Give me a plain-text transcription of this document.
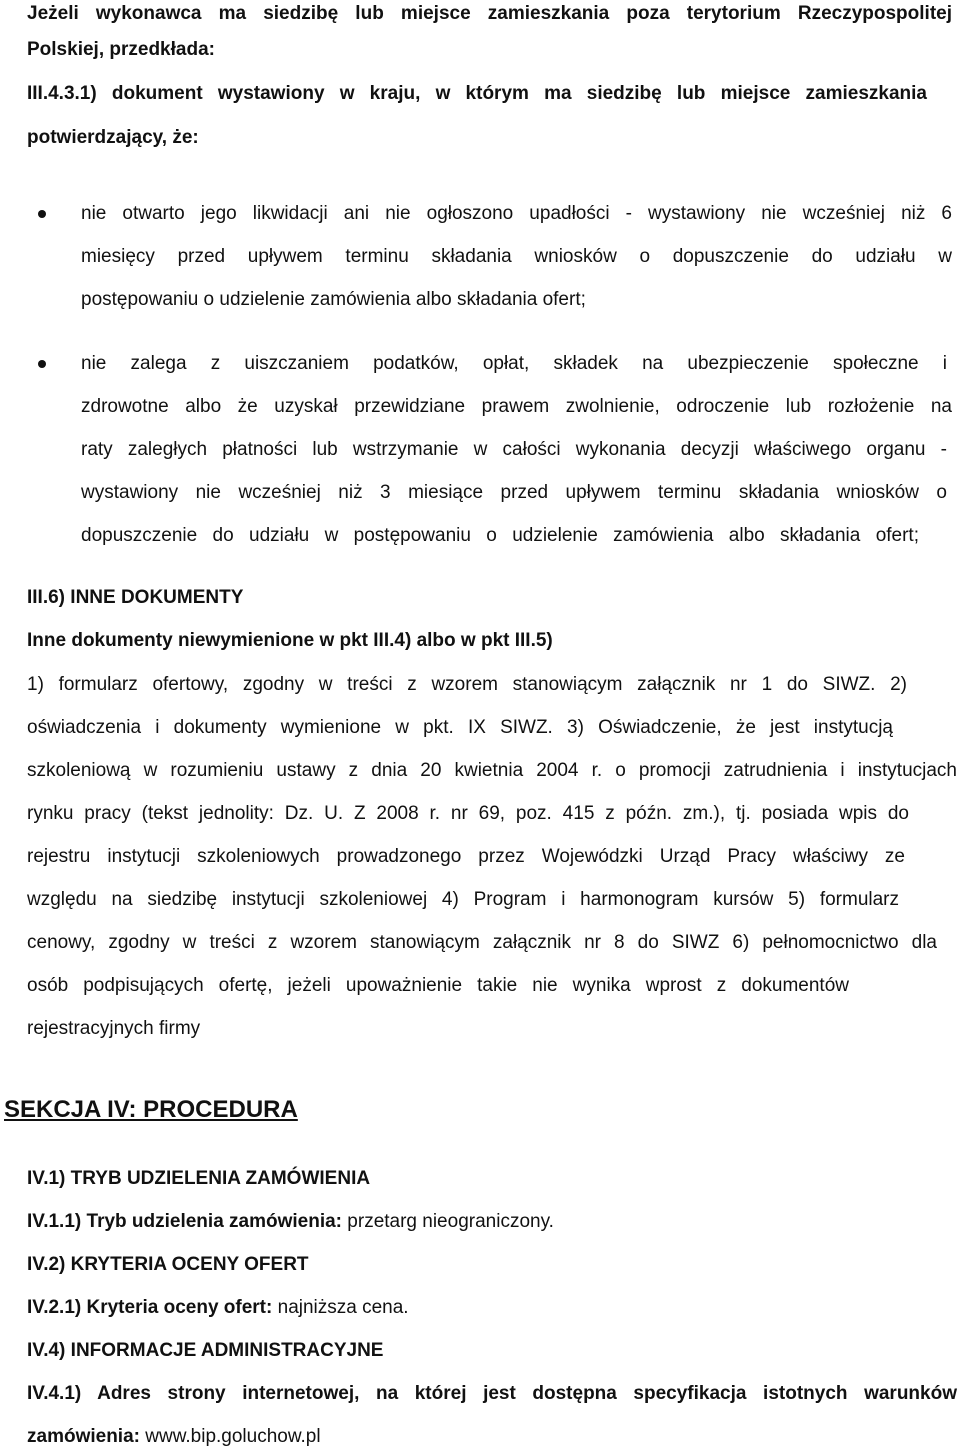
Jeżeli wykonawca ma siedzibę lub miejsce zamieszkania poza terytorium Rzeczypospolitej
Polskiej, przedkłada:
III.4.3.1) dokument wystawiony w kraju, w którym ma siedzibę lub miejsce zamieszkania
potwierdzający, że:
nie otwarto jego likwidacji ani nie ogłoszono upadłości - wystawiony nie wcześniej niż 6
miesięcy przed upływem terminu składania wniosków o dopuszczenie do udziału w
postępowaniu o udzielenie zamówienia albo składania ofert;
nie zalega z uiszczaniem podatków, opłat, składek na ubezpieczenie społeczne i
zdrowotne albo że uzyskał przewidziane prawem zwolnienie, odroczenie lub rozłożenie na
raty zaległych płatności lub wstrzymanie w całości wykonania decyzji właściwego organu -
wystawiony nie wcześniej niż 3 miesiące przed upływem terminu składania wniosków o
dopuszczenie do udziału w postępowaniu o udzielenie zamówienia albo składania ofert;
III.6) INNE DOKUMENTY
Inne dokumenty niewymienione w pkt III.4) albo w pkt III.5)
1) formularz ofertowy, zgodny w treści z wzorem stanowiącym załącznik nr 1 do SIWZ. 2)
oświadczenia i dokumenty wymienione w pkt. IX SIWZ. 3) Oświadczenie, że jest instytucją
szkoleniową w rozumieniu ustawy z dnia 20 kwietnia 2004 r. o promocji zatrudnienia i instytucjach
rynku pracy (tekst jednolity: Dz. U. Z 2008 r. nr 69, poz. 415 z późn. zm.), tj. posiada wpis do
rejestru instytucji szkoleniowych prowadzonego przez Wojewódzki Urząd Pracy właściwy ze
względu na siedzibę instytucji szkoleniowej 4) Program i harmonogram kursów 5) formularz
cenowy, zgodny w treści z wzorem stanowiącym załącznik nr 8 do SIWZ 6) pełnomocnictwo dla
osób podpisujących ofertę, jeżeli upoważnienie takie nie wynika wprost z dokumentów
rejestracyjnych firmy
SEKCJA IV: PROCEDURA
IV.1) TRYB UDZIELENIA ZAMÓWIENIA
IV.1.1) Tryb udzielenia zamówienia: przetarg nieograniczony.
IV.2) KRYTERIA OCENY OFERT
IV.2.1) Kryteria oceny ofert: najniższa cena.
IV.4) INFORMACJE ADMINISTRACYJNE
IV.4.1) Adres strony internetowej, na której jest dostępna specyfikacja istotnych warunków
zamówienia: www.bip.goluchow.pl
